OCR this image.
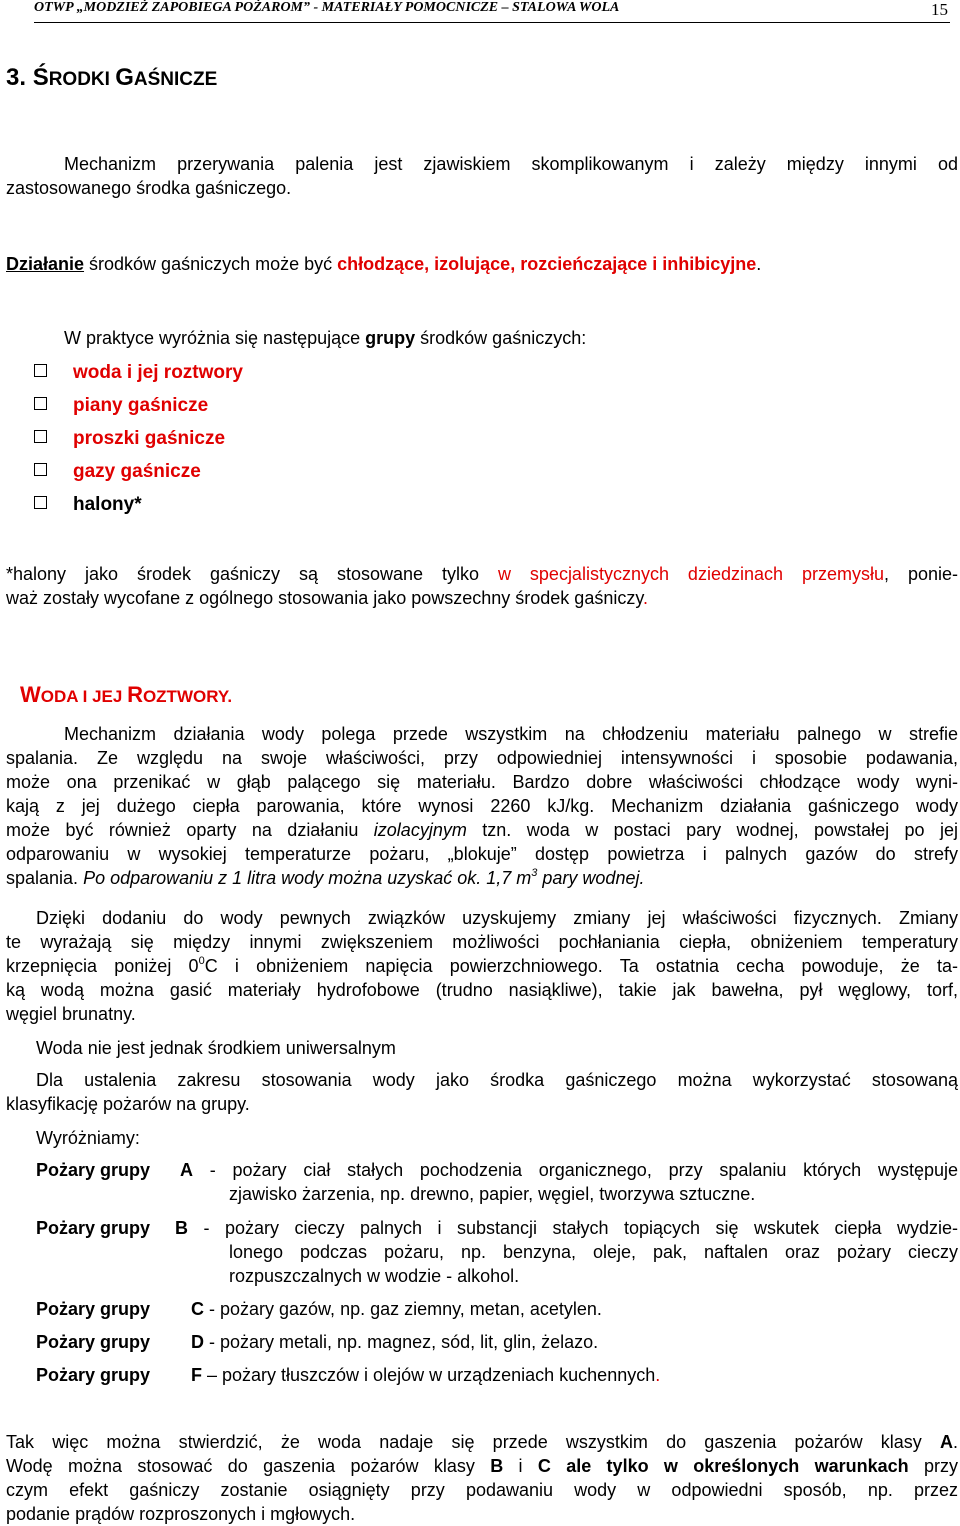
OTWP „MODZIEŻ ZAPOBIEGA POŻAROM” - MATERIAŁY POMOCNICZE – STALOWA WOLA	15
3. ŚRODKI GAŚNICZE
Mechanizm przerywania palenia jest zjawiskiem skomplikowanym i zależy między innymi od
zastosowanego środka gaśniczego.
Działanie środków gaśniczych może być chłodzące, izolujące, rozcieńczające i inhibicyjne.
W praktyce wyróżnia się następujące grupy środków gaśniczych:
woda i jej roztwory
piany gaśnicze
proszki gaśnicze
gazy gaśnicze
halony*
*halony jako środek gaśniczy są stosowane tylko w specjalistycznych dziedzinach przemysłu, ponie-
waż zostały wycofane z ogólnego stosowania jako powszechny środek gaśniczy.
WODA I JEJ ROZTWORY.
Mechanizm działania wody polega przede wszystkim na chłodzeniu materiału palnego w strefie
spalania. Ze względu na swoje właściwości, przy odpowiedniej intensywności i sposobie podawania,
może ona przenikać w głąb palącego się materiału. Bardzo dobre właściwości chłodzące wody wyni-
kają z jej dużego ciepła parowania, które wynosi 2260 kJ/kg. Mechanizm działania gaśniczego wody
może być również oparty na działaniu izolacyjnym tzn. woda w postaci pary wodnej, powstałej po jej
odparowaniu w wysokiej temperaturze pożaru, „blokuje” dostęp powietrza i palnych gazów do strefy
spalania. Po odparowaniu z 1 litra wody można uzyskać ok. 1,7 $m^3$ pary wodnej.
Dzięki dodaniu do wody pewnych związków uzyskujemy zmiany jej właściwości fizycznych. Zmiany
te wyrażają się między innymi zwiększeniem możliwości pochłaniania ciepła, obniżeniem temperatury
krzepnięcia poniżej $0^0C$ i obniżeniem napięcia powierzchniowego. Ta ostatnia cecha powoduje, że ta-
ką wodą można gasić materiały hydrofobowe (trudno nasiąkliwe), takie jak bawełna, pył węglowy, torf,
węgiel brunatny.
Woda nie jest jednak środkiem uniwersalnym
Dla ustalenia zakresu stosowania wody jako środka gaśniczego można wykorzystać stosowaną
klasyfikację pożarów na grupy.
Wyróżniamy:
Pożary grupy A - pożary ciał stałych pochodzenia organicznego, przy spalaniu których występuje
zjawisko żarzenia, np. drewno, papier, węgiel, tworzywa sztuczne.
Pożary grupy B - pożary cieczy palnych i substancji stałych topiących się wskutek ciepła wydzie-
lonego podczas pożaru, np. benzyna, oleje, pak, naftalen oraz pożary cieczy
rozpuszczalnych w wodzie - alkohol.
Pożary grupy C - pożary gazów, np. gaz ziemny, metan, acetylen.
Pożary grupy D - pożary metali, np. magnez, sód, lit, glin, żelazo.
Pożary grupy F – pożary tłuszczów i olejów w urządzeniach kuchennych.
Tak więc można stwierdzić, że woda nadaje się przede wszystkim do gaszenia pożarów klasy A.
Wodę można stosować do gaszenia pożarów klasy B i C ale tylko w określonych warunkach przy
czym efekt gaśniczy zostanie osiągnięty przy podawaniu wody w odpowiedni sposób, np. przez
podanie prądów rozproszonych i mgłowych.
